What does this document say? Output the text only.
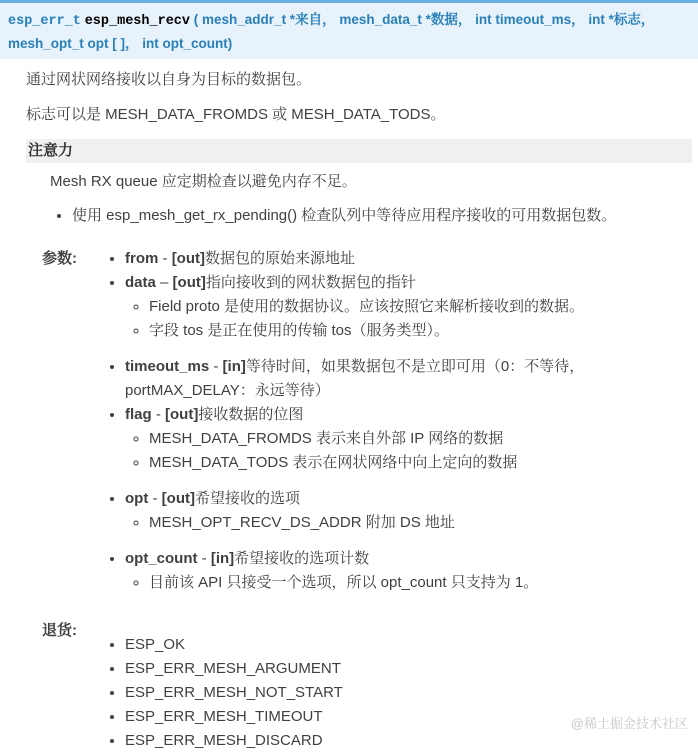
esp_err_t esp_mesh_recv ( mesh_addr_t *来自， mesh_data_t *数据， int timeout_ms， int *标志，
mesh_opt_t opt [ ]， int opt_count)

通过网状网络接收以自身为目标的数据包。

标志可以是 MESH_DATA_FROMDS 或 MESH_DATA_TODS。

注意力

Mesh RX queue 应定期检查以避免内存不足。

• 使用 esp_mesh_get_rx_pending() 检查队列中等待应用程序接收的可用数据包数。
参数:
•	from - [out]数据包的原始来源地址
• data – [out]指向接收到的网状数据包的指针
◦ Field proto 是使用的数据协议。应该按照它来解析接收到的数据。
◦ 字段 tos 是正在使用的传输 tos（服务类型）。
• timeout_ms - [in]等待时间，如果数据包不是立即可用（0：不等待，portMAX_DELAY：永远等待）
• flag - [out]接收数据的位图
◦ MESH_DATA_FROMDS 表示来自外部 IP 网络的数据
◦ MESH_DATA_TODS 表示在网状网络中向上定向的数据
• opt - [out]希望接收的选项
◦ MESH_OPT_RECV_DS_ADDR 附加 DS 地址
• opt_count - [in]希望接收的选项计数
◦ 目前该 API 只接受一个选项，所以 opt_count 只支持为 1。
退货:
• ESP_OK
• ESP_ERR_MESH_ARGUMENT
• ESP_ERR_MESH_NOT_START
• ESP_ERR_MESH_TIMEOUT
• ESP_ERR_MESH_DISCARD
@稀土掘金技术社区
